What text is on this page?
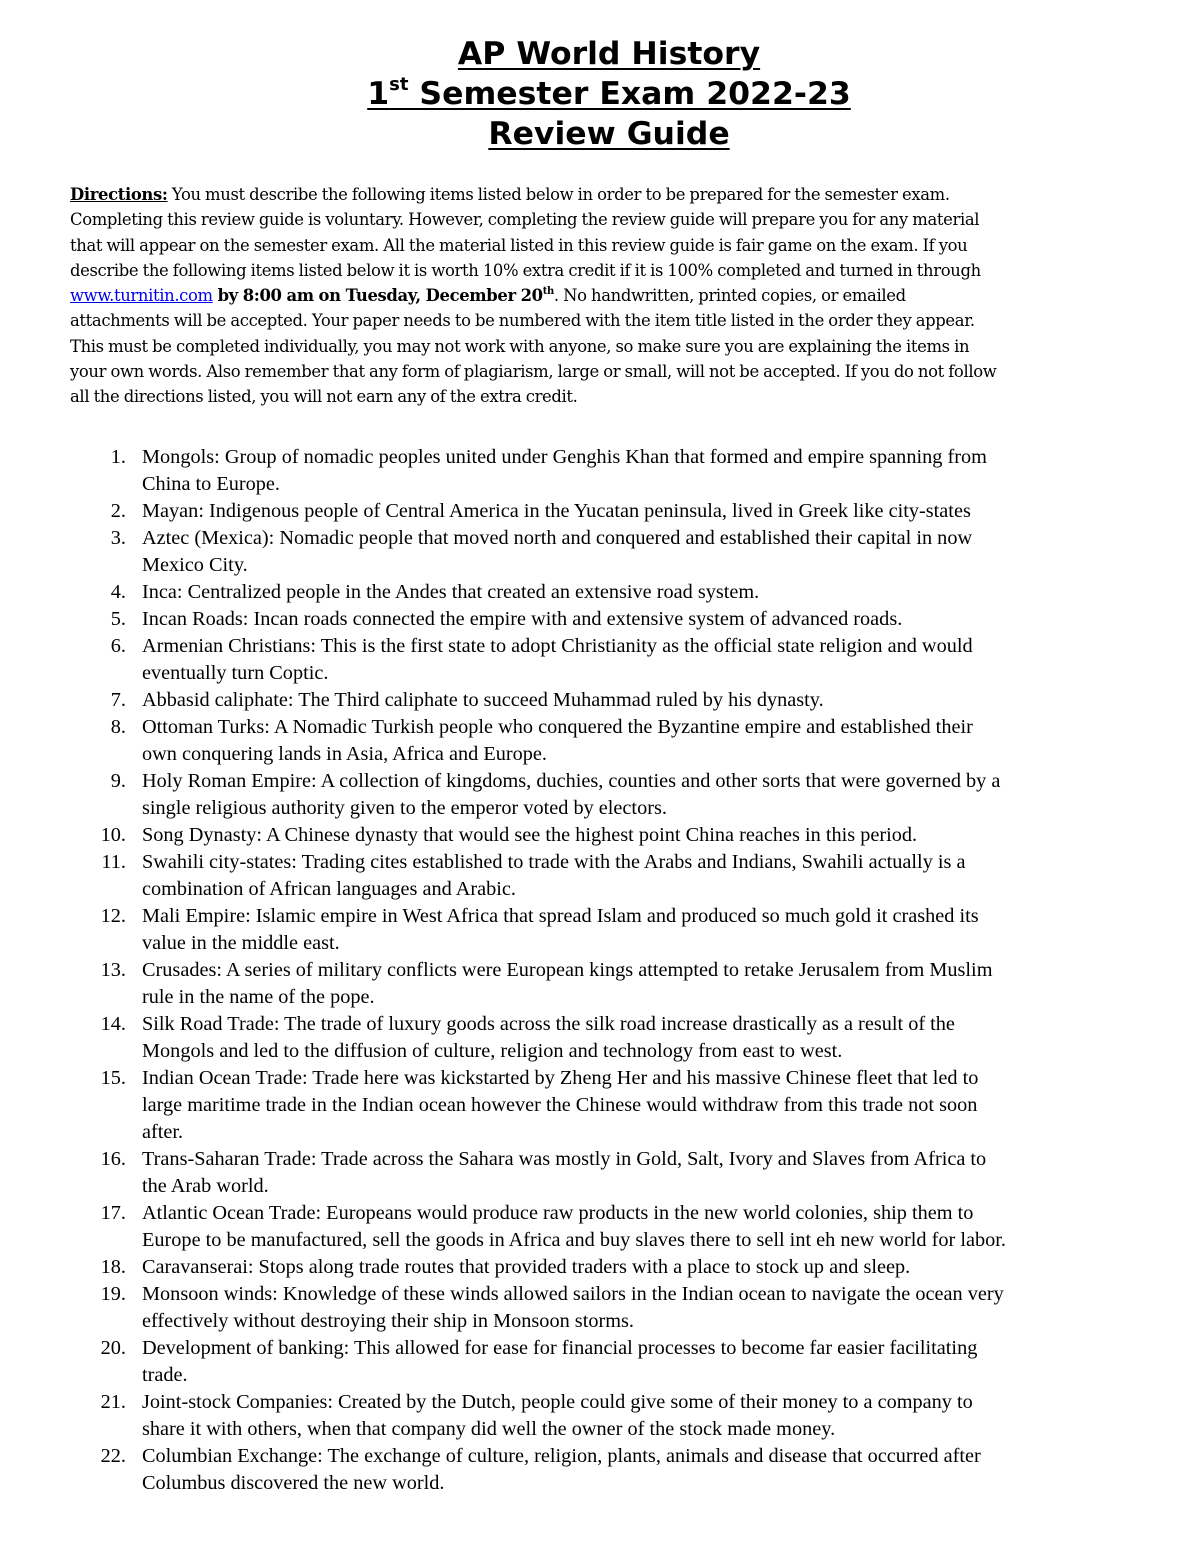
AP World History
1st Semester Exam 2022-23
Review Guide
Directions: You must describe the following items listed below in order to be prepared for the semester exam.
Completing this review guide is voluntary. However, completing the review guide will prepare you for any material
that will appear on the semester exam. All the material listed in this review guide is fair game on the exam. If you
describe the following items listed below it is worth 10% extra credit if it is 100% completed and turned in through
www.turnitin.com by 8:00 am on Tuesday, December 20th. No handwritten, printed copies, or emailed
attachments will be accepted. Your paper needs to be numbered with the item title listed in the order they appear.
This must be completed individually, you may not work with anyone, so make sure you are explaining the items in
your own words. Also remember that any form of plagiarism, large or small, will not be accepted. If you do not follow
all the directions listed, you will not earn any of the extra credit.
1. Mongols: Group of nomadic peoples united under Genghis Khan that formed and empire spanning from
China to Europe.
2. Mayan: Indigenous people of Central America in the Yucatan peninsula, lived in Greek like city-states
3. Aztec (Mexica): Nomadic people that moved north and conquered and established their capital in now
Mexico City.
4. Inca: Centralized people in the Andes that created an extensive road system.
5. Incan Roads: Incan roads connected the empire with and extensive system of advanced roads.
6. Armenian Christians: This is the first state to adopt Christianity as the official state religion and would
eventually turn Coptic.
7. Abbasid caliphate: The Third caliphate to succeed Muhammad ruled by his dynasty.
8. Ottoman Turks: A Nomadic Turkish people who conquered the Byzantine empire and established their
own conquering lands in Asia, Africa and Europe.
9. Holy Roman Empire: A collection of kingdoms, duchies, counties and other sorts that were governed by a
single religious authority given to the emperor voted by electors.
10. Song Dynasty: A Chinese dynasty that would see the highest point China reaches in this period.
11. Swahili city-states: Trading cites established to trade with the Arabs and Indians, Swahili actually is a
combination of African languages and Arabic.
12. Mali Empire: Islamic empire in West Africa that spread Islam and produced so much gold it crashed its
value in the middle east.
13. Crusades: A series of military conflicts were European kings attempted to retake Jerusalem from Muslim
rule in the name of the pope.
14. Silk Road Trade: The trade of luxury goods across the silk road increase drastically as a result of the
Mongols and led to the diffusion of culture, religion and technology from east to west.
15. Indian Ocean Trade: Trade here was kickstarted by Zheng Her and his massive Chinese fleet that led to
large maritime trade in the Indian ocean however the Chinese would withdraw from this trade not soon
after.
16. Trans-Saharan Trade: Trade across the Sahara was mostly in Gold, Salt, Ivory and Slaves from Africa to
the Arab world.
17. Atlantic Ocean Trade: Europeans would produce raw products in the new world colonies, ship them to
Europe to be manufactured, sell the goods in Africa and buy slaves there to sell int eh new world for labor.
18. Caravanserai: Stops along trade routes that provided traders with a place to stock up and sleep.
19. Monsoon winds: Knowledge of these winds allowed sailors in the Indian ocean to navigate the ocean very
effectively without destroying their ship in Monsoon storms.
20. Development of banking: This allowed for ease for financial processes to become far easier facilitating
trade.
21. Joint-stock Companies: Created by the Dutch, people could give some of their money to a company to
share it with others, when that company did well the owner of the stock made money.
22. Columbian Exchange: The exchange of culture, religion, plants, animals and disease that occurred after
Columbus discovered the new world.
